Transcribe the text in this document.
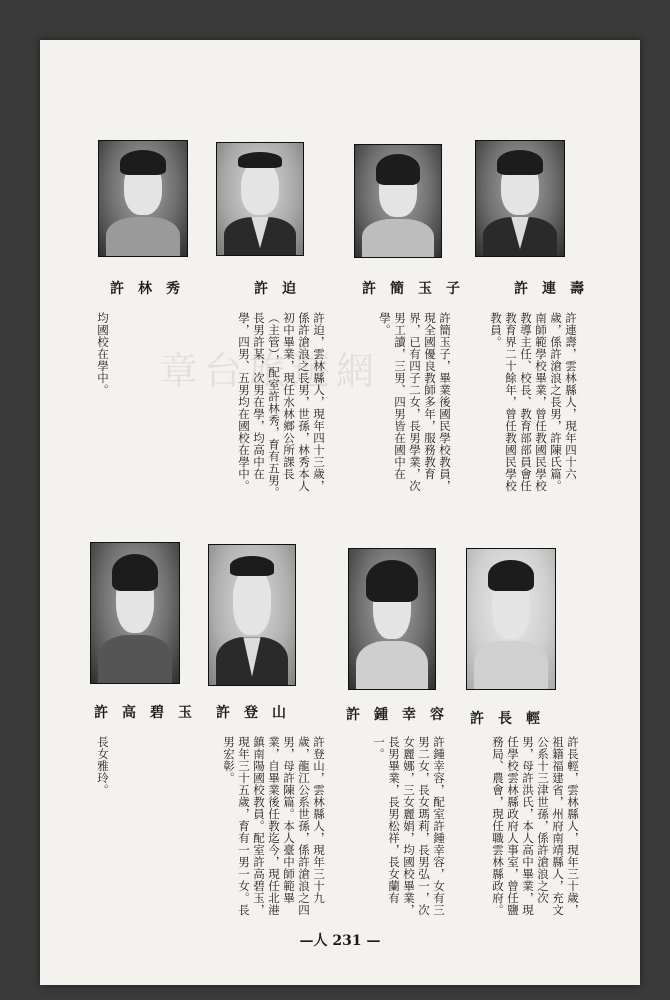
章台旅遊網
許連壽
許簡玉子
許迫
許林秀
許連壽，雲林縣人，現年四十六歲，係許滄浪之長男，許陳氏篇。南師範學校畢業，曾任教國民學校教導主任、校長、教育部部員會任教育界二十餘年，曾任教國民學校教員。
許簡玉子，畢業後國民學校教員，現全國優良教師多年，服務教育界，已有四子二女，長男學業，次男工讀，三男、四男皆在國中在學。
許迫，雲林縣人，現年四十三歲，係許滄浪之長男，世孫，林秀本人初中畢業，現任水林鄉公所課長（主管），配室許林秀，育有五男。長男許某，次男在學，均高中在學，四男、五男均在國校在學中。
均國校在學中。
許長輕
許鍾幸容
許登山
許高碧玉
許長輕，雲林縣人，現年三十歲，祖籍福建省，州府南靖縣人，充文公系十三津世孫，係許滄浪之次男，母許洪氏，本人高中畢業，現任學校雲林縣政府人事室，曾任鹽務局、農會，現任職雲林縣政府。
許鍾幸容，配室許鍾幸容，女有三男二女，長女瑪莉，長男弘一，次女麗娜，三女麗娟，均國校畢業，長男畢業，長男松祥，長女蘭有一。
許登山，雲林縣人，現年三十九歲，龍江公系世孫，係許滄浪之四男，母許陳篇。本人臺中師範畢業，自畢業後任教迄今，現任北港鎮南陽國校教員。配室許高碧玉，現年三十五歲，育有一男一女。長男宏彰。
長女雅玲。
—人 231 —
